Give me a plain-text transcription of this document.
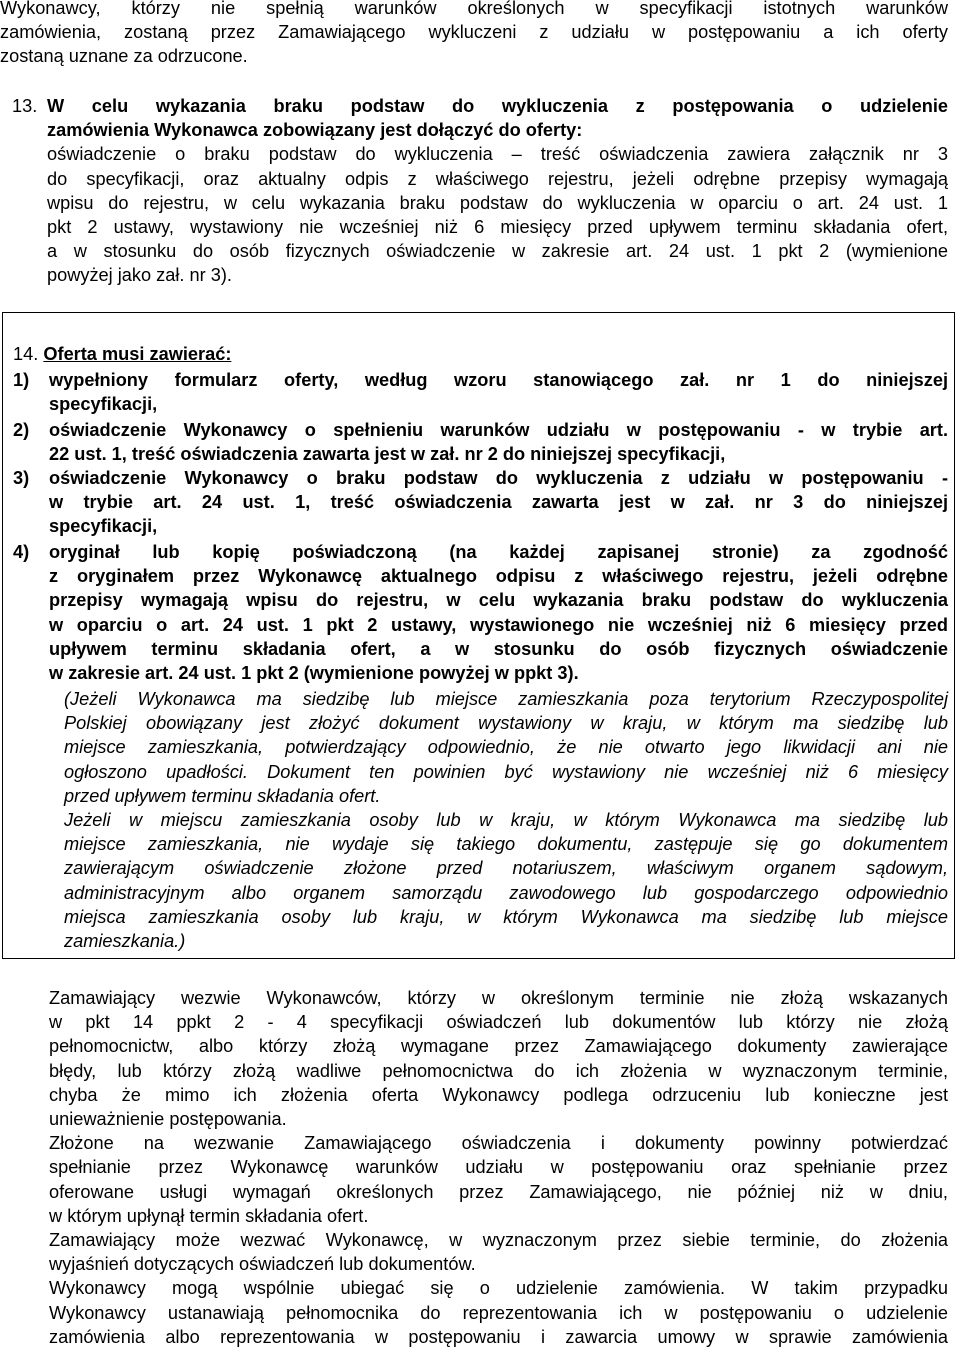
Wykonawcy, którzy nie spełnią warunków określonych w specyfikacji istotnych warunków
zamówienia, zostaną przez Zamawiającego wykluczeni z udziału w postępowaniu a ich oferty
zostaną uznane za odrzucone.
13. W celu wykazania braku podstaw do wykluczenia z postępowania o udzielenie
zamówienia Wykonawca zobowiązany jest dołączyć do oferty:
oświadczenie o braku podstaw do wykluczenia – treść oświadczenia zawiera załącznik nr 3
do specyfikacji, oraz aktualny odpis z właściwego rejestru, jeżeli odrębne przepisy wymagają
wpisu do rejestru, w celu wykazania braku podstaw do wykluczenia w oparciu o art. 24 ust. 1
pkt 2 ustawy, wystawiony nie wcześniej niż 6 miesięcy przed upływem terminu składania ofert,
a w stosunku do osób fizycznych oświadczenie w zakresie art. 24 ust. 1 pkt 2 (wymienione
powyżej jako zał. nr 3).
14. Oferta musi zawierać:
1) wypełniony formularz oferty, według wzoru stanowiącego zał. nr 1 do niniejszej
specyfikacji,
2) oświadczenie Wykonawcy o spełnieniu warunków udziału w postępowaniu - w trybie art.
22 ust. 1, treść oświadczenia zawarta jest w zał. nr 2 do niniejszej specyfikacji,
3) oświadczenie Wykonawcy o braku podstaw do wykluczenia z udziału w postępowaniu -
w trybie art. 24 ust. 1, treść oświadczenia zawarta jest w zał. nr 3 do niniejszej
specyfikacji,
4) oryginał lub kopię poświadczoną (na każdej zapisanej stronie) za zgodność
z oryginałem przez Wykonawcę aktualnego odpisu z właściwego rejestru, jeżeli odrębne
przepisy wymagają wpisu do rejestru, w celu wykazania braku podstaw do wykluczenia
w oparciu o art. 24 ust. 1 pkt 2 ustawy, wystawionego nie wcześniej niż 6 miesięcy przed
upływem terminu składania ofert, a w stosunku do osób fizycznych oświadczenie
w zakresie art. 24 ust. 1 pkt 2 (wymienione powyżej w ppkt 3).
(Jeżeli Wykonawca ma siedzibę lub miejsce zamieszkania poza terytorium Rzeczypospolitej
Polskiej obowiązany jest złożyć dokument wystawiony w kraju, w którym ma siedzibę lub
miejsce zamieszkania, potwierdzający odpowiednio, że nie otwarto jego likwidacji ani nie
ogłoszono upadłości. Dokument ten powinien być wystawiony nie wcześniej niż 6 miesięcy
przed upływem terminu składania ofert.
Jeżeli w miejscu zamieszkania osoby lub w kraju, w którym Wykonawca ma siedzibę lub
miejsce zamieszkania, nie wydaje się takiego dokumentu, zastępuje się go dokumentem
zawierającym oświadczenie złożone przed notariuszem, właściwym organem sądowym,
administracyjnym albo organem samorządu zawodowego lub gospodarczego odpowiednio
miejsca zamieszkania osoby lub kraju, w którym Wykonawca ma siedzibę lub miejsce
zamieszkania.)
Zamawiający wezwie Wykonawców, którzy w określonym terminie nie złożą wskazanych
w pkt 14 ppkt 2 - 4 specyfikacji oświadczeń lub dokumentów lub którzy nie złożą
pełnomocnictw, albo którzy złożą wymagane przez Zamawiającego dokumenty zawierające
błędy, lub którzy złożą wadliwe pełnomocnictwa do ich złożenia w wyznaczonym terminie,
chyba że mimo ich złożenia oferta Wykonawcy podlega odrzuceniu lub konieczne jest
unieważnienie postępowania.
Złożone na wezwanie Zamawiającego oświadczenia i dokumenty powinny potwierdzać
spełnianie przez Wykonawcę warunków udziału w postępowaniu oraz spełnianie przez
oferowane usługi wymagań określonych przez Zamawiającego, nie później niż w dniu,
w którym upłynął termin składania ofert.
Zamawiający może wezwać Wykonawcę, w wyznaczonym przez siebie terminie, do złożenia
wyjaśnień dotyczących oświadczeń lub dokumentów.
Wykonawcy mogą wspólnie ubiegać się o udzielenie zamówienia. W takim przypadku
Wykonawcy ustanawiają pełnomocnika do reprezentowania ich w postępowaniu o udzielenie
zamówienia albo reprezentowania w postępowaniu i zawarcia umowy w sprawie zamówienia
